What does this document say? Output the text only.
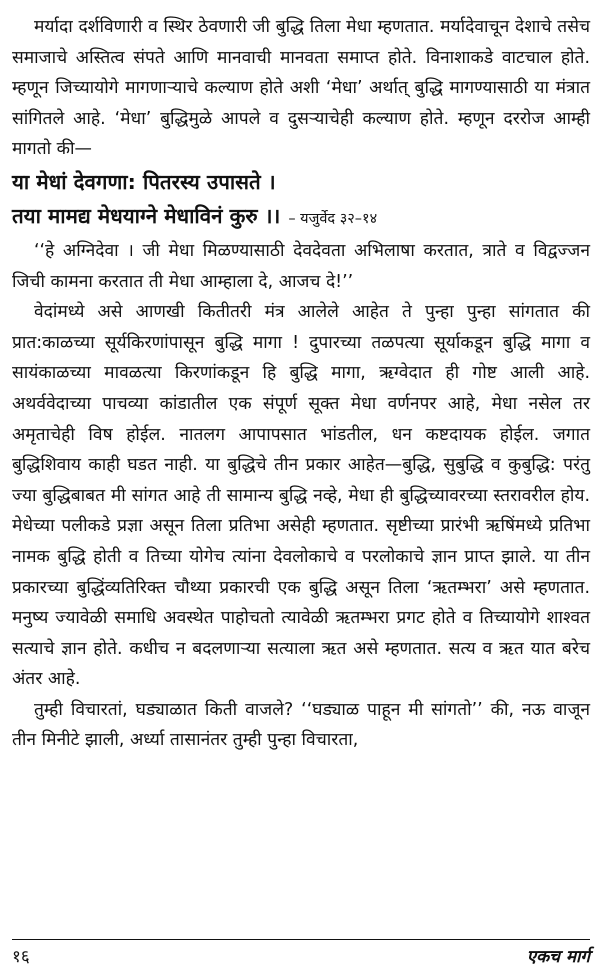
मर्यादा दर्शविणारी व स्थिर ठेवणारी जी बुद्धि तिला मेधा म्हणतात. मर्यादेवाचून देशाचे तसेच समाजाचे अस्तित्व संपते आणि मानवाची मानवता समाप्त होते. विनाशाकडे वाटचाल होते. म्हणून जिच्यायोगे मागणाऱ्याचे कल्याण होते अशी ‘मेधा’ अर्थात् बुद्धि मागण्यासाठी या मंत्रात सांगितले आहे. ‘मेधा’ बुद्धिमुळे आपले व दुसऱ्याचेही कल्याण होते. म्हणून दररोज आम्ही मागतो की—

या मेधां देवगणा: पितरस्य उपासते ।

तया मामद्य मेधयाग्ने मेधाविनं कुरु ।। – यजुर्वेद ३२–१४

‘‘हे अग्निदेवा । जी मेधा मिळण्यासाठी देवदेवता अभिलाषा करतात, त्राते व विद्वज्जन जिची कामना करतात ती मेधा आम्हाला दे, आजच दे!’’

वेदांमध्ये असे आणखी कितीतरी मंत्र आलेले आहेत ते पुन्हा पुन्हा सांगतात की प्रात:काळच्या सूर्यकिरणांपासून बुद्धि मागा ! दुपारच्या तळपत्या सूर्याकडून बुद्धि मागा व सायंकाळच्या मावळत्या किरणांकडून हि बुद्धि मागा, ऋग्वेदात ही गोष्ट आली आहे. अथर्ववेदाच्या पाचव्या कांडातील एक संपूर्ण सूक्त मेधा वर्णनपर आहे, मेधा नसेल तर अमृताचेही विष होईल. नातलग आपापसात भांडतील, धन कष्टदायक होईल. जगात बुद्धिशिवाय काही घडत नाही. या बुद्धिचे तीन प्रकार आहेत—बुद्धि, सुबुद्धि व कुबुद्धि: परंतु ज्या बुद्धिबाबत मी सांगत आहे ती सामान्य बुद्धि नव्हे, मेधा ही बुद्धिच्यावरच्या स्तरावरील होय. मेधेच्या पलीकडे प्रज्ञा असून तिला प्रतिभा असेही म्हणतात. सृष्टीच्या प्रारंभी ऋषिंमध्ये प्रतिभा नामक बुद्धि होती व तिच्या योगेच त्यांना देवलोकाचे व परलोकाचे ज्ञान प्राप्त झाले. या तीन प्रकारच्या बुद्धिंव्यतिरिक्त चौथ्या प्रकारची एक बुद्धि असून तिला ‘ऋतम्भरा’ असे म्हणतात. मनुष्य ज्यावेळी समाधि अवस्थेत पाहोचतो त्यावेळी ऋतम्भरा प्रगट होते व तिच्यायोगे शाश्वत सत्याचे ज्ञान होते. कधीच न बदलणाऱ्या सत्याला ऋत असे म्हणतात. सत्य व ऋत यात बरेच अंतर आहे.

तुम्ही विचारतां, घड्याळात किती वाजले? ‘‘घड्याळ पाहून मी सांगतो’’ की, नऊ वाजून तीन मिनीटे झाली, अर्ध्या तासानंतर तुम्ही पुन्हा विचारता,

१६	एकच मार्ग
